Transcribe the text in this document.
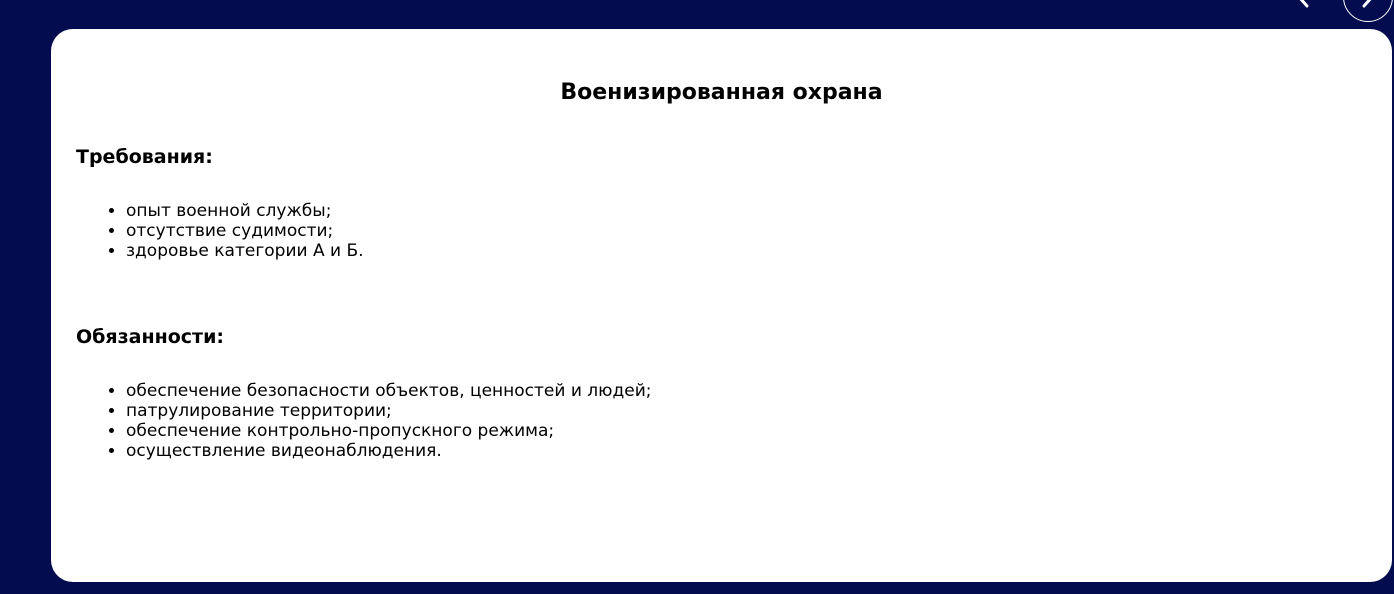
Военизированная охрана
Требования:
• опыт военной службы;
• отсутствие судимости;
• здоровье категории А и Б.
Обязанности:
• обеспечение безопасности объектов, ценностей и людей;
• патрулирование территории;
• обеспечение контрольно-пропускного режима;
• осуществление видеонаблюдения.
